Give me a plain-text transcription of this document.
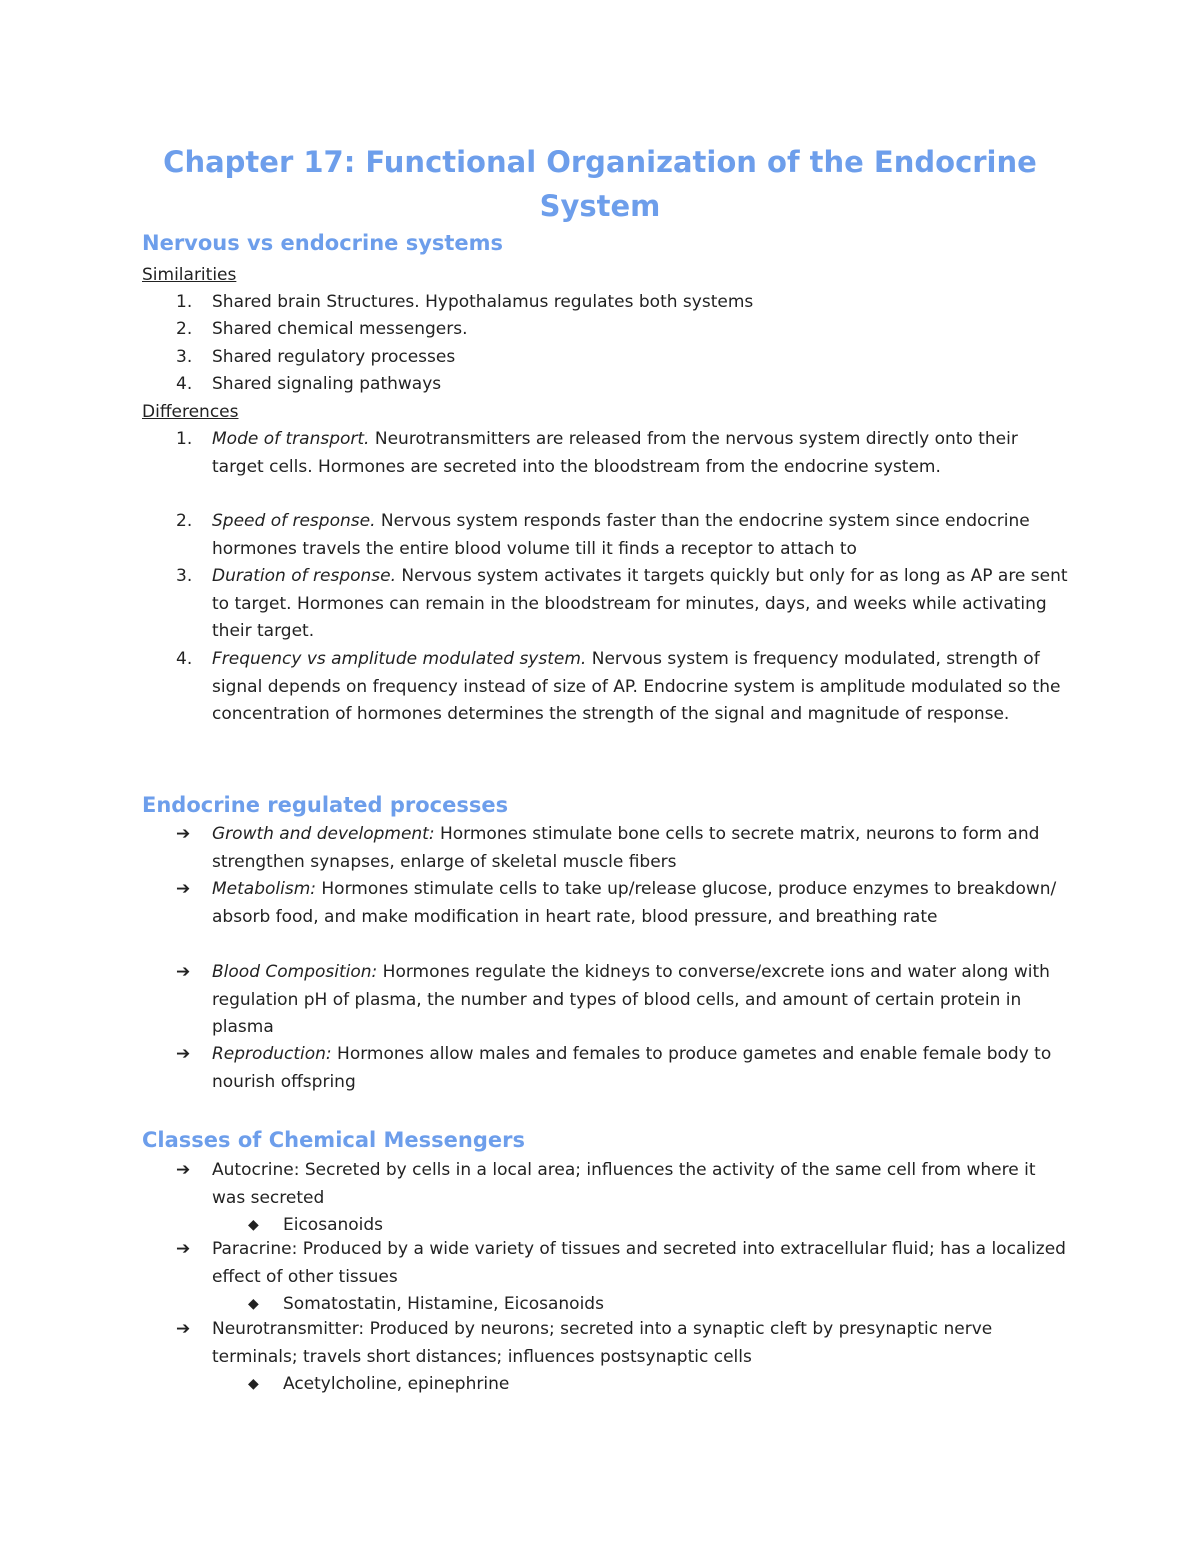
Chapter 17: Functional Organization of the Endocrine System
Nervous vs endocrine systems
Similarities
1. Shared brain Structures. Hypothalamus regulates both systems
2. Shared chemical messengers.
3. Shared regulatory processes
4. Shared signaling pathways
Differences
1. Mode of transport. Neurotransmitters are released from the nervous system directly onto their target cells. Hormones are secreted into the bloodstream from the endocrine system.
2. Speed of response. Nervous system responds faster than the endocrine system since endocrine hormones travels the entire blood volume till it finds a receptor to attach to
3. Duration of response. Nervous system activates it targets quickly but only for as long as AP are sent to target. Hormones can remain in the bloodstream for minutes, days, and weeks while activating their target.
4. Frequency vs amplitude modulated system. Nervous system is frequency modulated, strength of signal depends on frequency instead of size of AP. Endocrine system is amplitude modulated so the concentration of hormones determines the strength of the signal and magnitude of response.
Endocrine regulated processes
➔ Growth and development: Hormones stimulate bone cells to secrete matrix, neurons to form and strengthen synapses, enlarge of skeletal muscle fibers
➔ Metabolism: Hormones stimulate cells to take up/release glucose, produce enzymes to breakdown/ absorb food, and make modification in heart rate, blood pressure, and breathing rate
➔ Blood Composition: Hormones regulate the kidneys to converse/excrete ions and water along with regulation pH of plasma, the number and types of blood cells, and amount of certain protein in plasma
➔ Reproduction: Hormones allow males and females to produce gametes and enable female body to nourish offspring
Classes of Chemical Messengers
➔ Autocrine: Secreted by cells in a local area; influences the activity of the same cell from where it was secreted
◆ Eicosanoids
➔ Paracrine: Produced by a wide variety of tissues and secreted into extracellular fluid; has a localized effect of other tissues
◆ Somatostatin, Histamine, Eicosanoids
➔ Neurotransmitter: Produced by neurons; secreted into a synaptic cleft by presynaptic nerve terminals; travels short distances; influences postsynaptic cells
◆ Acetylcholine, epinephrine
